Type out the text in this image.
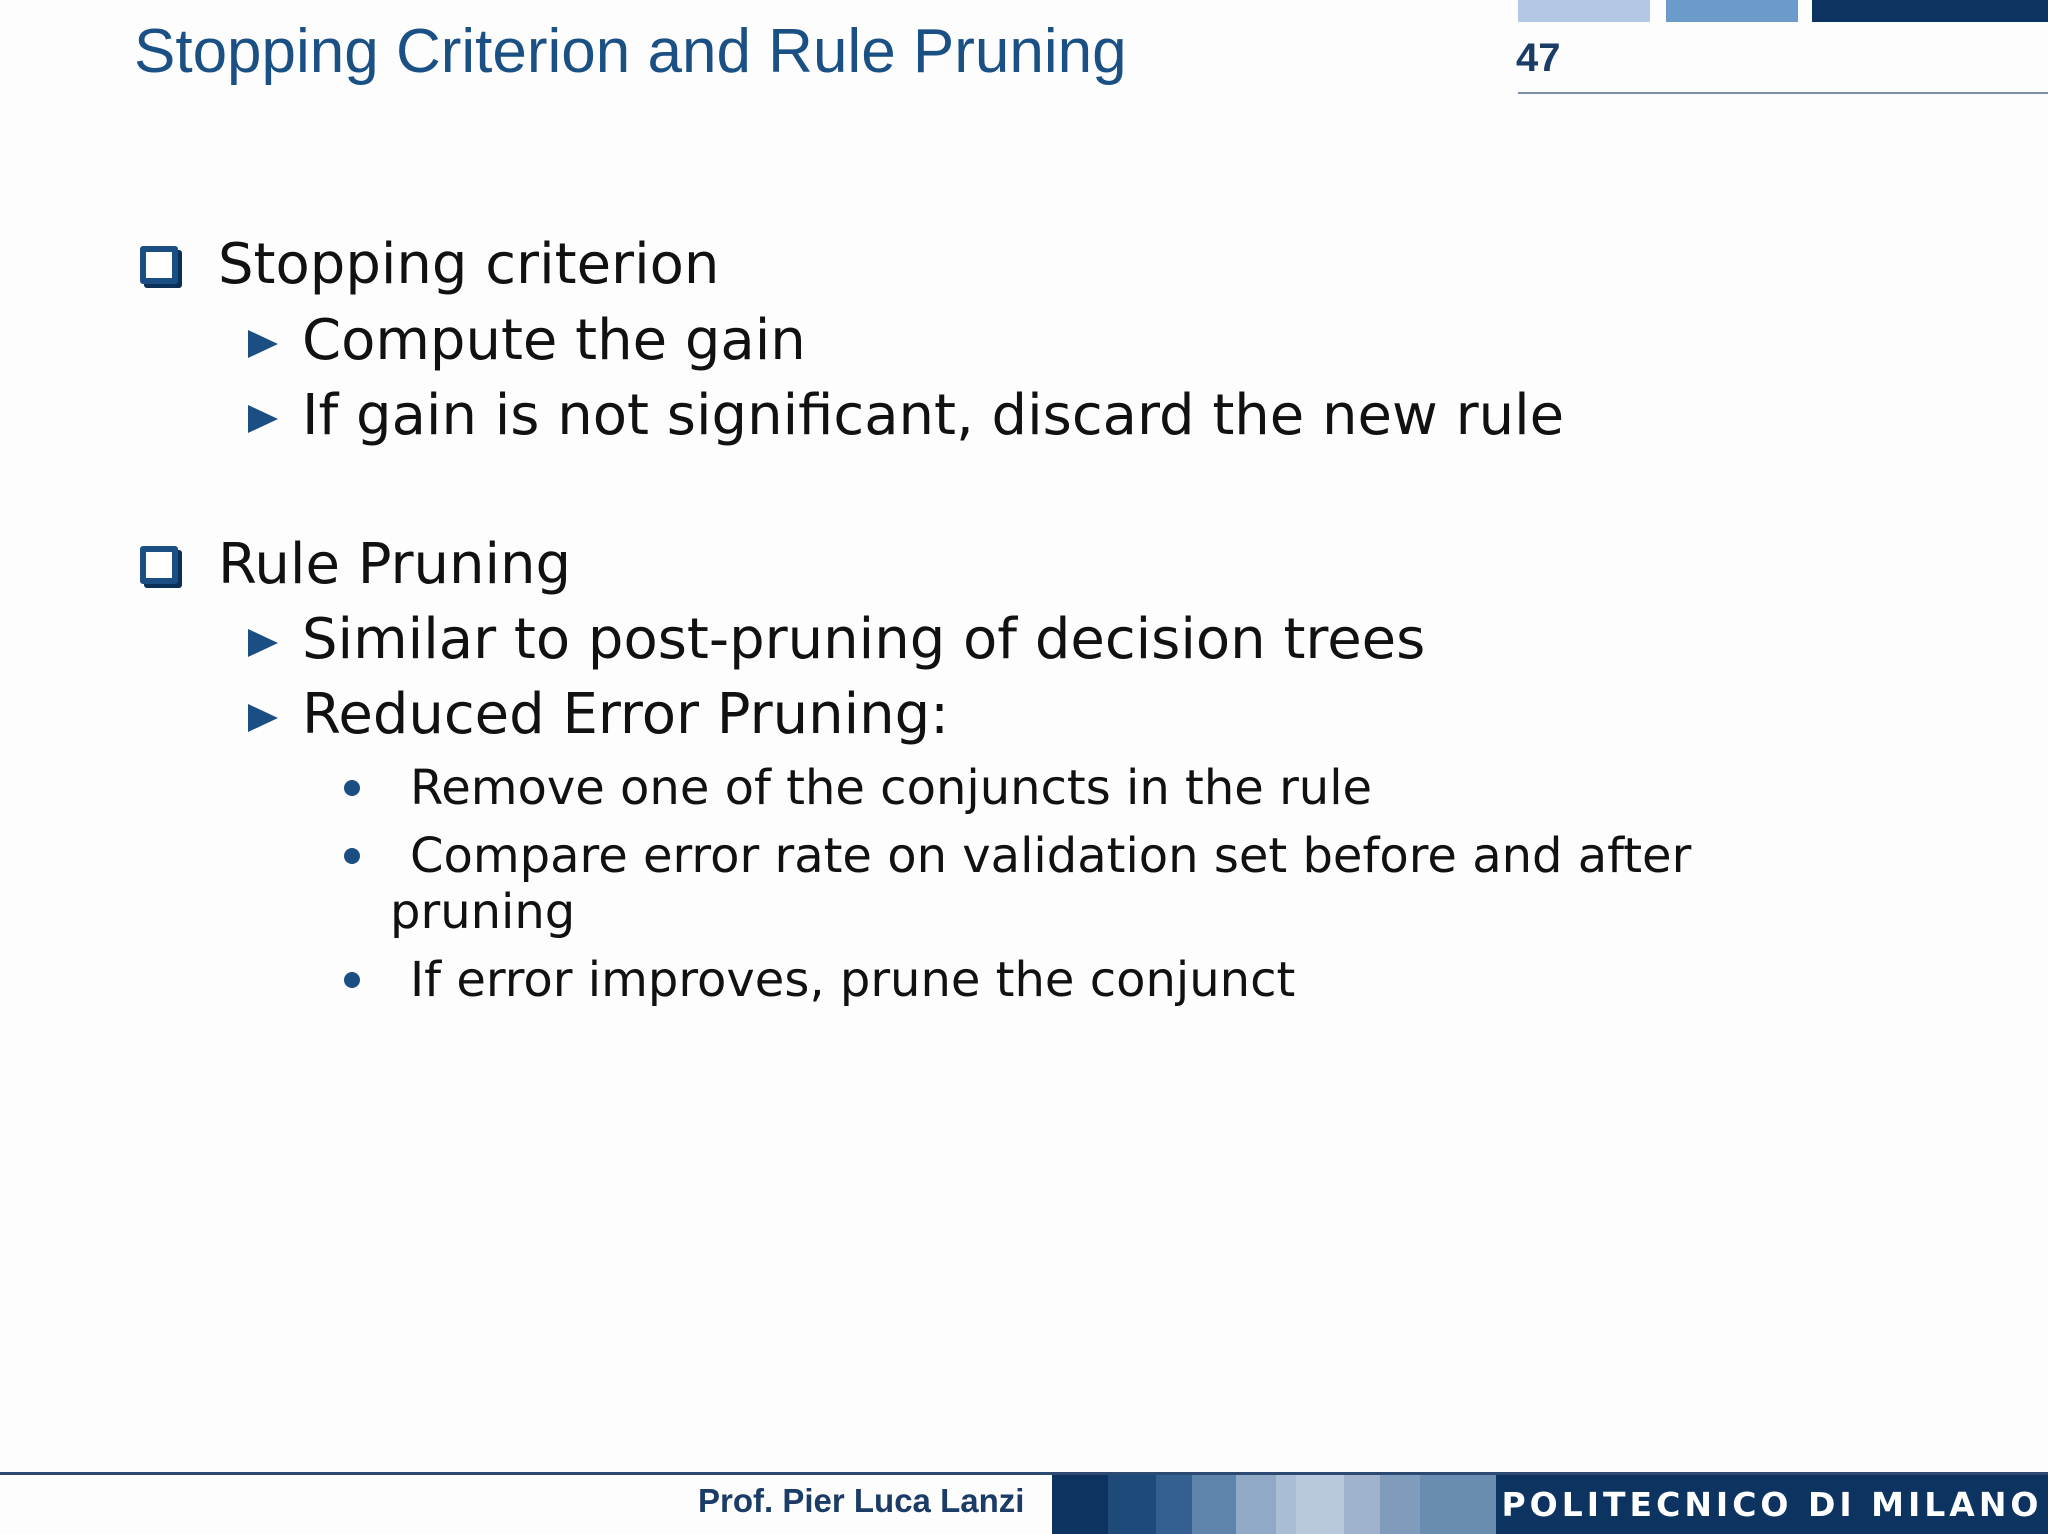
Stopping Criterion and Rule Pruning	47
Stopping criterion
Compute the gain
If gain is not significant, discard the new rule
Rule Pruning
Similar to post-pruning of decision trees
Reduced Error Pruning:
Remove one of the conjuncts in the rule
Compare error rate on validation set before and after
pruning
If error improves, prune the conjunct
Prof. Pier Luca Lanzi	POLITECNICO DI MILANO
